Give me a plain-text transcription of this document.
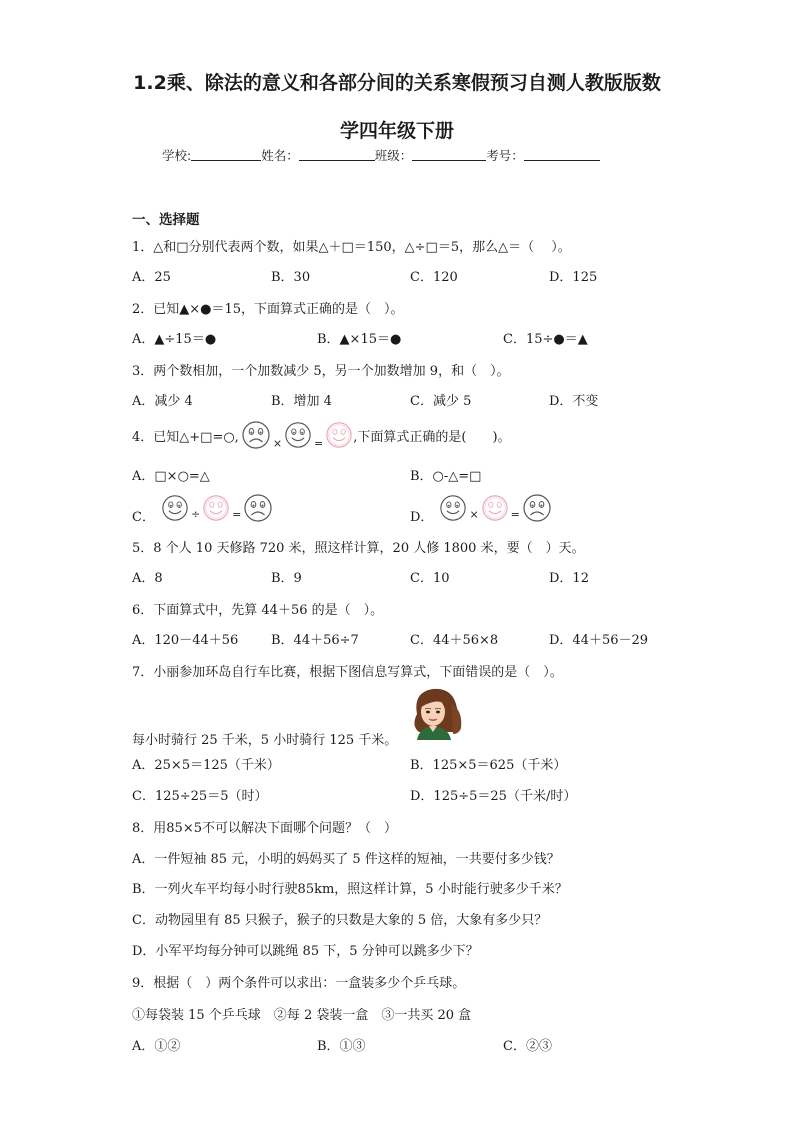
1.2乘、除法的意义和各部分间的关系寒假预习自测人教版版数
学四年级下册
学校:	姓名：	班级：	考号：
一、选择题
1．△和□分别代表两个数，如果△＋□＝150，△÷□＝5，那么△＝（　 ）。
A．25	B．30	C．120	D．125
2．已知▲×●＝15，下面算式正确的是（　）。
A．▲÷15＝●	B．▲×15＝●	C．15÷●＝▲
3．两个数相加，一个加数减少 5，另一个加数增加 9，和（　）。
A．减少 4	B．增加 4	C．减少 5	D．不变
4．已知△+□=○,	×	= ,下面算式正确的是(　　)。
A．□×○=△	B．○-△=□
C．	÷	=	D．	×	=
5．8 个人 10 天修路 720 米，照这样计算，20 人修 1800 米，要（　）天。
A．8	B．9	C．10	D．12
6．下面算式中，先算 44＋56 的是（　）。
A．120－44＋56	B．44＋56÷7	C．44＋56×8	D．44＋56－29
7．小丽参加环岛自行车比赛，根据下图信息写算式，下面错误的是（　）。
每小时骑行 25 千米，5 小时骑行 125 千米。
A．25×5＝125（千米）	B．125×5＝625（千米）
C．125÷25＝5（时）	D．125÷5＝25（千米/时）
8．用85×5不可以解决下面哪个问题？（　）
A．一件短袖 85 元，小明的妈妈买了 5 件这样的短袖，一共要付多少钱？
B．一列火车平均每小时行驶85km，照这样计算，5 小时能行驶多少千米？
C．动物园里有 85 只猴子，猴子的只数是大象的 5 倍，大象有多少只？
D．小军平均每分钟可以跳绳 85 下，5 分钟可以跳多少下？
9．根据（　）两个条件可以求出：一盒装多少个乒乓球。
①每袋装 15 个乒乓球　②每 2 袋装一盒　③一共买 20 盒
A．①②	B．①③	C．②③
